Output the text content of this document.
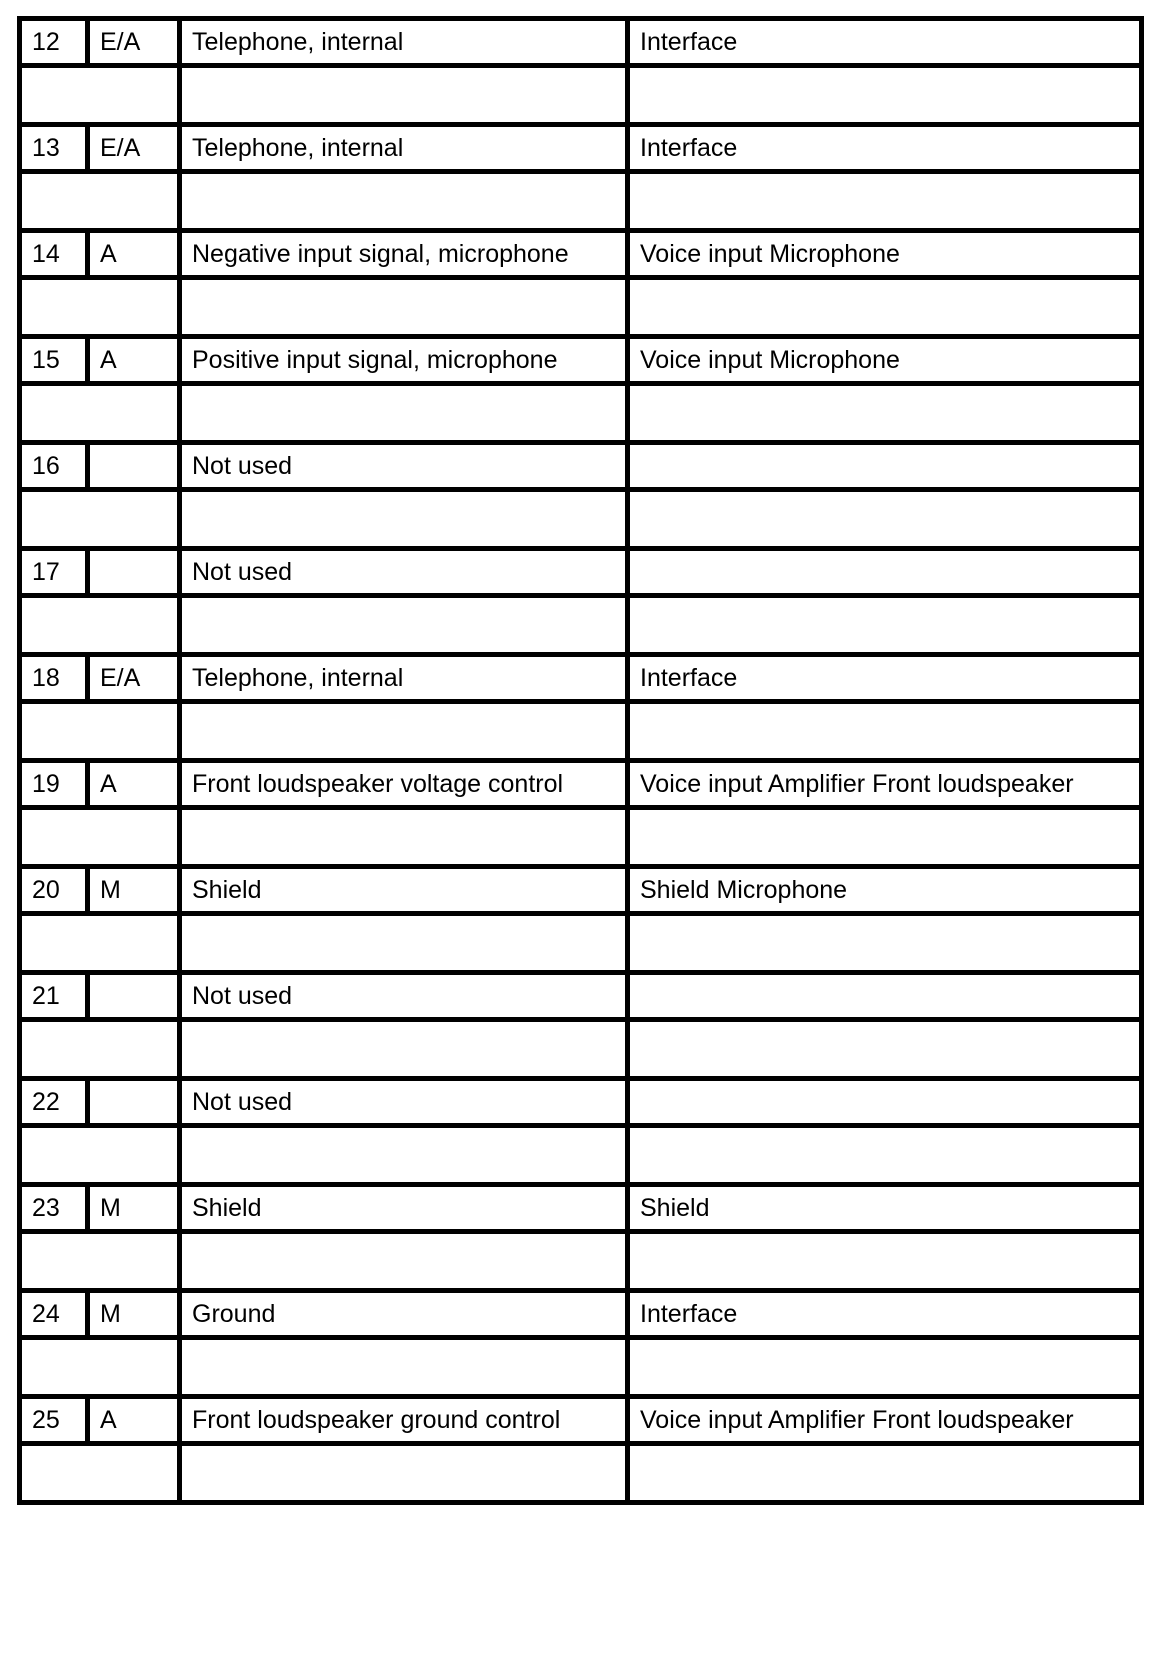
12	E/A	Telephone, internal	Interface

13	E/A	Telephone, internal	Interface

14	A	Negative input signal, microphone	Voice input Microphone

15	A	Positive input signal, microphone	Voice input Microphone

16		Not used	

17		Not used	

18	E/A	Telephone, internal	Interface

19	A	Front loudspeaker voltage control	Voice input Amplifier Front loudspeaker

20	M	Shield	Shield Microphone

21		Not used	

22		Not used	

23	M	Shield	Shield

24	M	Ground	Interface

25	A	Front loudspeaker ground control	Voice input Amplifier Front loudspeaker
